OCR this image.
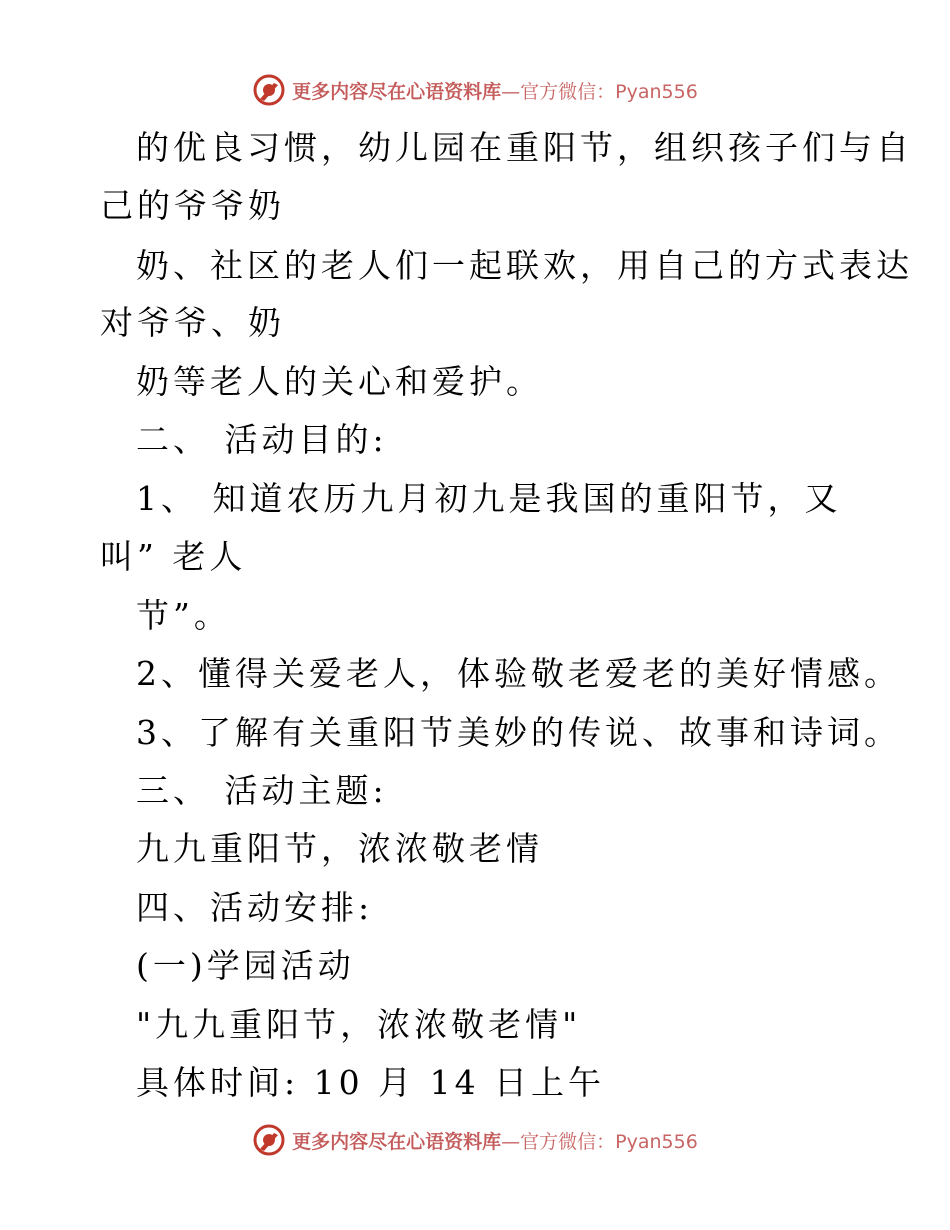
更多内容尽在心语资料库—官方微信：Pyan556
的优良习惯，幼儿园在重阳节，组织孩子们与自
己的爷爷奶
奶、社区的老人们一起联欢，用自己的方式表达
对爷爷、奶
奶等老人的关心和爱护。
二、 活动目的:
1、 知道农历九月初九是我国的重阳节，又
叫” 老人
节”。
2、懂得关爱老人，体验敬老爱老的美好情感。
3、了解有关重阳节美妙的传说、故事和诗词。
三、 活动主题:
九九重阳节，浓浓敬老情
四、活动安排:
(一)学园活动
"九九重阳节，浓浓敬老情"
具体时间: 10 月 14 日上午
更多内容尽在心语资料库—官方微信：Pyan556
